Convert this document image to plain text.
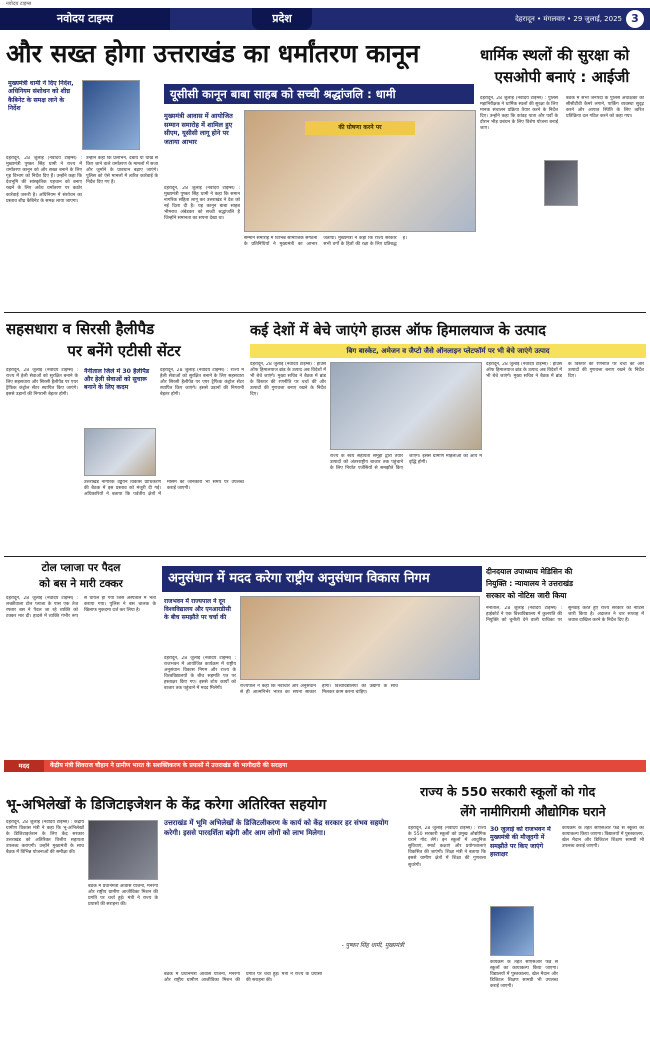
नवोदय टाइम्स
नवोदय टाइम्स	प्रदेश	देहरादून • मंगलवार • 29 जुलाई, 2025 3
और सख्त होगा उत्तराखंड का धर्मांतरण कानून
मुख्यमंत्री धामी ने दिए निर्देश, अधिनियम संशोधन को शीघ्र कैबिनेट के समक्ष लाने के निर्देश
यूसीसी कानून बाबा साहब को सच्ची श्रद्धांजलि : धामी
मुख्यमंत्री आवास में आयोजित सम्मान समारोह में शामिल हुए सीएम, यूसीसी लागू होने पर जताया आभार
की घोषणा करने पर
देहरादून, 28 जुलाई (नवोदय टाइम्स) : मुख्यमंत्री पुष्कर सिंह धामी ने राज्य में धर्मांतरण कानून को और सख्त बनाने के लिए गृह विभाग को निर्देश दिए हैं। उन्होंने कहा कि देवभूमि की सांस्कृतिक पहचान को बनाए रखने के लिए अवैध धर्मांतरण पर कठोर कार्रवाई जरूरी है। अधिनियम में संशोधन का प्रस्ताव शीघ्र कैबिनेट के समक्ष लाया जाएगा।
उन्होंने कहा कि प्रलोभन, दबाव या धोखे से किए जाने वाले धर्मांतरण के मामलों में सजा और जुर्माने के प्रावधान बढ़ाए जाएंगे। पुलिस को ऐसे मामलों में त्वरित कार्रवाई के निर्देश दिए गए हैं।
देहरादून, 28 जुलाई (नवोदय टाइम्स) : मुख्यमंत्री पुष्कर सिंह धामी ने कहा कि समान नागरिक संहिता लागू कर उत्तराखंड ने देश को नई दिशा दी है। यह कानून बाबा साहब भीमराव अंबेडकर को सच्ची श्रद्धांजलि है जिन्होंने समानता का सपना देखा था।
सम्मान समारोह में विभिन्न सामाजिक संगठनों के प्रतिनिधियों ने मुख्यमंत्री का आभार जताया। मुख्यमंत्री ने कहा कि राज्य सरकार सभी वर्गों के हितों की रक्षा के लिए प्रतिबद्ध है।
धार्मिक स्थलों की सुरक्षा को
एसओपी बनाएं : आईजी
देहरादून, 28 जुलाई (नवोदय टाइम्स) : पुलिस महानिरीक्षक ने धार्मिक स्थलों की सुरक्षा के लिए मानक संचालन प्रक्रिया तैयार करने के निर्देश दिए। उन्होंने कहा कि कांवड़ यात्रा और पर्वों के दौरान भीड़ प्रबंधन के लिए विशेष योजना बनाई जाए।
बैठक में सभी जनपदों के पुलिस अधीक्षकों को सीसीटीवी कैमरे लगाने, पार्किंग व्यवस्था सुदृढ़ करने और आपात स्थिति के लिए त्वरित प्रतिक्रिया दल गठित करने को कहा गया।
सहसधारा व सिरसी हैलीपैड
पर बनेंगे एटीसी सेंटर
कई देशों में बेचे जाएंगे हाउस ऑफ हिमालयाज के उत्पाद
बिग बास्केट, अमेजन व जैप्टो जैसे ऑनलाइन प्लेटफॉर्म पर भी बेचे जाएंगे उत्पाद
देहरादून, 28 जुलाई (नवोदय टाइम्स) : राज्य में हेली सेवाओं को सुरक्षित बनाने के लिए सहसधारा और सिरसी हैलीपैड पर एयर ट्रैफिक कंट्रोल सेंटर स्थापित किए जाएंगे। इससे उड़ानों की निगरानी बेहतर होगी।
नैनीताल जिले में 30 हैलीपैड और हेली सेवाओं को सुचारू बनाने के लिए कदम
उत्तराखंड नागरिक उड्डयन विकास प्राधिकरण की बैठक में इस प्रस्ताव को मंजूरी दी गई। अधिकारियों ने बताया कि पर्वतीय क्षेत्रों में मौसम की जानकारी भी समय पर उपलब्ध कराई जाएगी।
देहरादून, 28 जुलाई (नवोदय टाइम्स) : राज्य में हेली सेवाओं को सुरक्षित बनाने के लिए सहसधारा और सिरसी हैलीपैड पर एयर ट्रैफिक कंट्रोल सेंटर स्थापित किए जाएंगे। इससे उड़ानों की निगरानी बेहतर होगी।
देहरादून, 28 जुलाई (नवोदय टाइम्स) : हाउस ऑफ हिमालयाज ब्रांड के उत्पाद अब विदेशों में भी बेचे जाएंगे। मुख्य सचिव ने बैठक में ब्रांड के विस्तार की रणनीति पर चर्चा की और उत्पादों की गुणवत्ता बनाए रखने के निर्देश दिए।
राज्य के स्वयं सहायता समूहों द्वारा तैयार उत्पादों को अंतरराष्ट्रीय बाजार तक पहुंचाने के लिए निर्यात एजेंसियों से समझौते किए जाएंगे। इससे ग्रामीण महिलाओं की आय में वृद्धि होगी।
देहरादून, 28 जुलाई (नवोदय टाइम्स) : हाउस ऑफ हिमालयाज ब्रांड के उत्पाद अब विदेशों में भी बेचे जाएंगे। मुख्य सचिव ने बैठक में ब्रांड के विस्तार की रणनीति पर चर्चा की और उत्पादों की गुणवत्ता बनाए रखने के निर्देश दिए।
टोल प्लाजा पर पैदल
को बस ने मारी टक्कर
देहरादून, 28 जुलाई (नवोदय टाइम्स) : लच्छीवाला टोल प्लाजा के पास एक तेज रफ्तार बस ने पैदल जा रहे व्यक्ति को टक्कर मार दी। हादसे में व्यक्ति गंभीर रूप से घायल हो गया जिसे अस्पताल में भर्ती कराया गया। पुलिस ने बस चालक के खिलाफ मुकदमा दर्ज कर लिया है।
अनुसंधान में मदद करेगा राष्ट्रीय अनुसंधान विकास निगम
राजभवन में राज्यपाल ने दून विश्वविद्यालय और एनआरडीसी के बीच समझौते पर चर्चा की
देहरादून, 28 जुलाई (नवोदय टाइम्स) : राजभवन में आयोजित कार्यक्रम में राष्ट्रीय अनुसंधान विकास निगम और राज्य के विश्वविद्यालयों के बीच सहमति पत्र पर हस्ताक्षर किए गए। इससे शोध कार्यों को बाजार तक पहुंचाने में मदद मिलेगी।	राज्यपाल ने कहा कि नवाचार और अनुसंधान से ही आत्मनिर्भर भारत का सपना साकार होगा। विश्वविद्यालयों को उद्योगों के साथ मिलकर काम करना चाहिए।
दीनदयाल उपाध्याय मेडिसिन की
नियुक्ति : न्यायालय ने उत्तराखंड
सरकार को नोटिस जारी किया
नैनीताल, 28 जुलाई (नवोदय टाइम्स) : हाईकोर्ट ने एक विश्वविद्यालय में कुलपति की नियुक्ति को चुनौती देने वाली याचिका पर सुनवाई करते हुए राज्य सरकार को नोटिस जारी किया है। अदालत ने चार सप्ताह में जवाब दाखिल करने के निर्देश दिए हैं।
मदद	केंद्रीय मंत्री शिवराज चौहान ने ग्रामीण भारत के सशक्तिकरण के प्रयासों में उत्तराखंड की भागीदारी की सराहना
भू-अभिलेखों के डिजिटाइजेशन के केंद्र करेगा अतिरिक्त सहयोग
देहरादून, 28 जुलाई (नवोदय टाइम्स) : केंद्रीय ग्रामीण विकास मंत्री ने कहा कि भू-अभिलेखों के डिजिटाइजेशन के लिए केंद्र सरकार उत्तराखंड को अतिरिक्त वित्तीय सहायता उपलब्ध कराएगी। उन्होंने मुख्यमंत्री के साथ बैठक में विभिन्न योजनाओं की समीक्षा की।
बैठक में प्रधानमंत्री आवास योजना, मनरेगा और राष्ट्रीय ग्रामीण आजीविका मिशन की प्रगति पर चर्चा हुई। मंत्री ने राज्य के प्रयासों की सराहना की।
उत्तराखंड में भूमि अभिलेखों के डिजिटलीकरण के कार्य को केंद्र सरकार हर संभव सहयोग करेगी। इससे पारदर्शिता बढ़ेगी और आम लोगों को लाभ मिलेगा।
- पुष्कर सिंह धामी, मुख्यमंत्री
बैठक में प्रधानमंत्री आवास योजना, मनरेगा और राष्ट्रीय ग्रामीण आजीविका मिशन की प्रगति पर चर्चा हुई। मंत्री ने राज्य के प्रयासों की सराहना की।
राज्य के 550 सरकारी स्कूलों को गोद
लेंगे नामीगिरामी औद्योगिक घराने
देहरादून, 28 जुलाई (नवोदय टाइम्स) : राज्य के 550 सरकारी स्कूलों को प्रमुख औद्योगिक घराने गोद लेंगे। इन स्कूलों में आधुनिक सुविधाएं, स्मार्ट कक्षाएं और प्रयोगशालाएं विकसित की जाएंगी। शिक्षा मंत्री ने बताया कि इससे ग्रामीण क्षेत्रों में शिक्षा की गुणवत्ता सुधरेगी।
30 जुलाई को राजभवन में मुख्यमंत्री की मौजूदगी में समझौते पर किए जाएंगे हस्ताक्षर
कार्यक्रम के तहत सीएसआर फंड से स्कूलों का कायाकल्प किया जाएगा। विद्यालयों में पुस्तकालय, खेल मैदान और डिजिटल शिक्षण सामग्री भी उपलब्ध कराई जाएगी।
कार्यक्रम के तहत सीएसआर फंड से स्कूलों का कायाकल्प किया जाएगा। विद्यालयों में पुस्तकालय, खेल मैदान और डिजिटल शिक्षण सामग्री भी उपलब्ध कराई जाएगी।
